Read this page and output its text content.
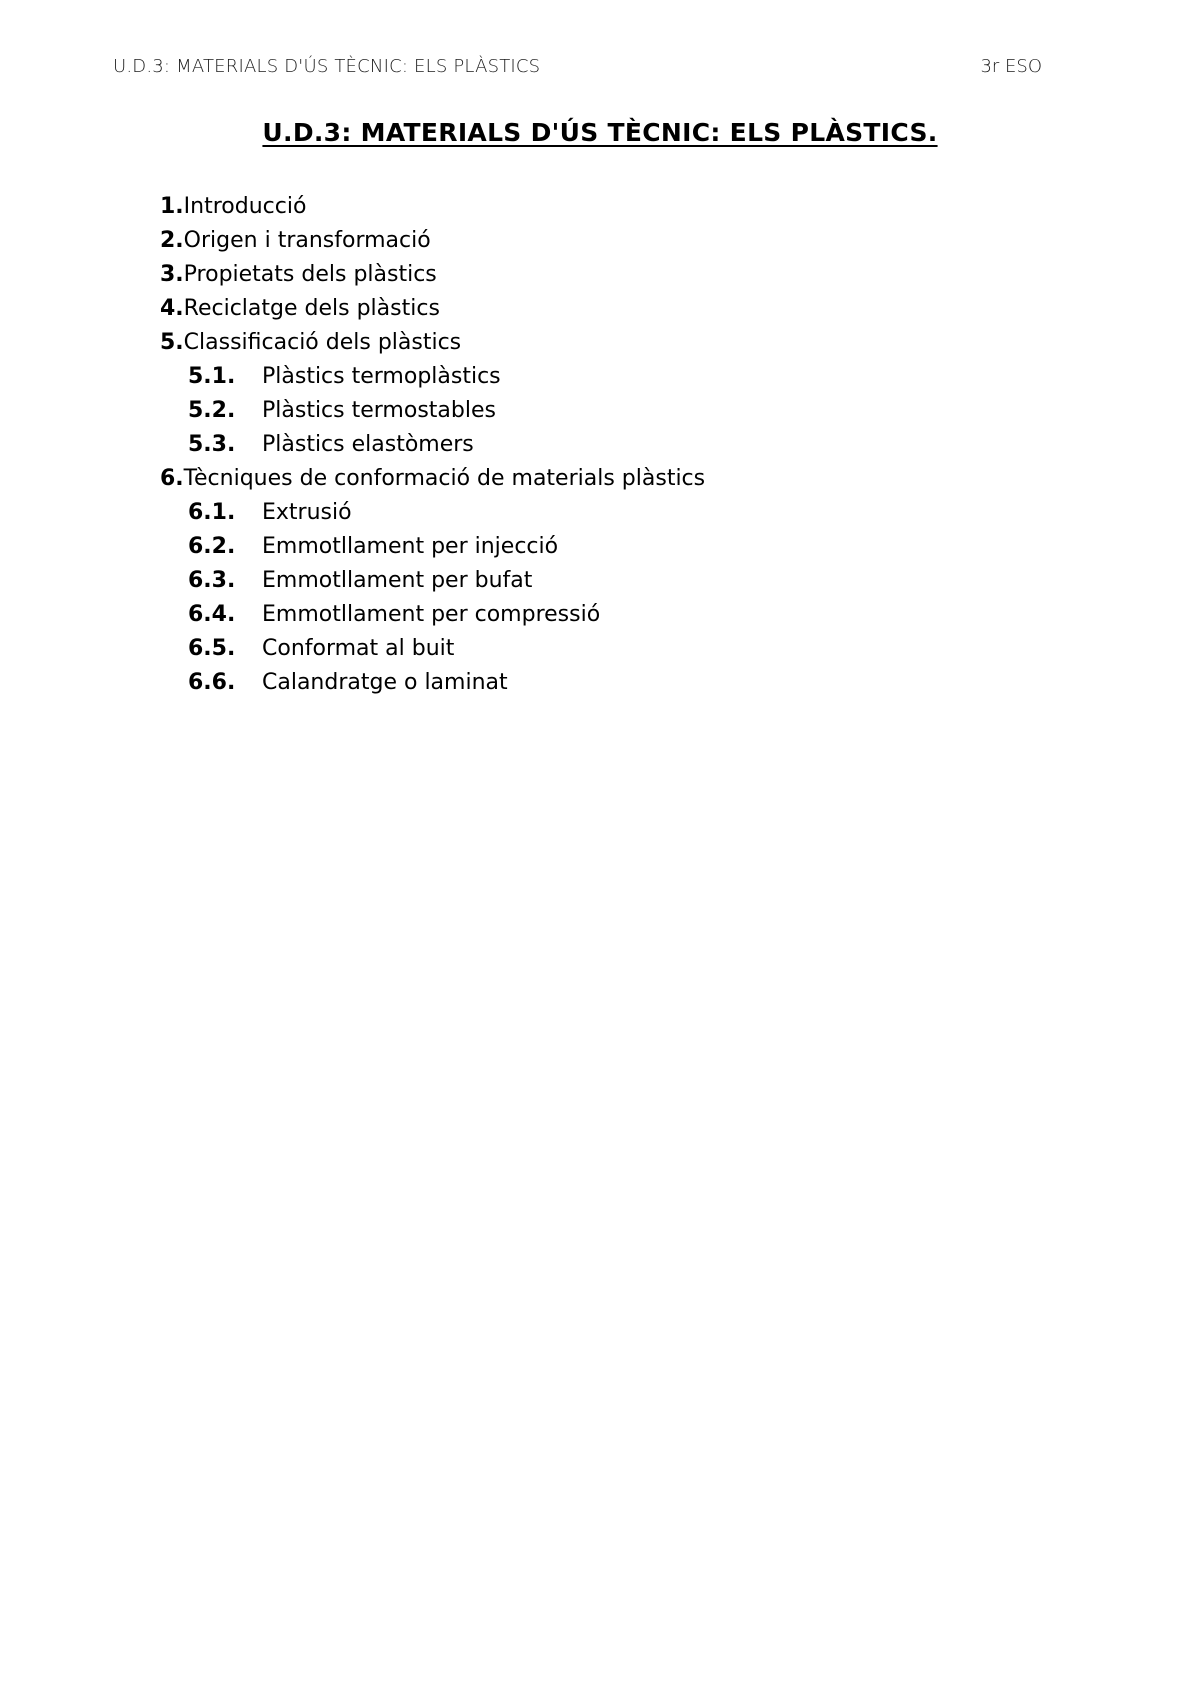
U.D.3: MATERIALS D'ÚS TÈCNIC: ELS PLÀSTICS	3r ESO
U.D.3: MATERIALS D'ÚS TÈCNIC: ELS PLÀSTICS.
1.Introducció
2.Origen i transformació
3.Propietats dels plàstics
4.Reciclatge dels plàstics
5.Classificació dels plàstics
5.1. Plàstics termoplàstics
5.2. Plàstics termostables
5.3. Plàstics elastòmers
6.Tècniques de conformació de materials plàstics
6.1. Extrusió
6.2. Emmotllament per injecció
6.3. Emmotllament per bufat
6.4. Emmotllament per compressió
6.5. Conformat al buit
6.6. Calandratge o laminat
